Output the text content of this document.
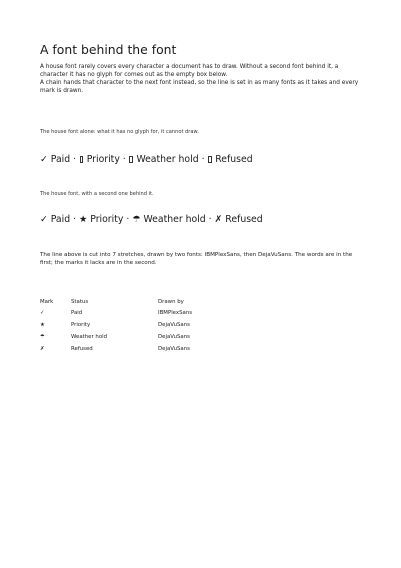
A font behind the font

A house font rarely covers every character a document has to draw. Without a second font behind it, a character it has no glyph for comes out as the empty box below.

A chain hands that character to the next font instead, so the line is set in as many fonts as it takes and every mark is drawn.

The house font alone: what it has no glyph for, it cannot draw.
✓ Paid ·  Priority ·  Weather hold ·  Refused
The house font, with a second one behind it.
✓ Paid · ★ Priority · ☂ Weather hold · ✗ Refused

The line above is cut into 7 stretches, drawn by two fonts: IBMPlexSans, then DejaVuSans. The words are in the first; the marks it lacks are in the second.

Mark	Status	Drawn by
✓	Paid	IBMPlexSans
★	Priority	DejaVuSans
☂	Weather hold	DejaVuSans
✗	Refused	DejaVuSans
